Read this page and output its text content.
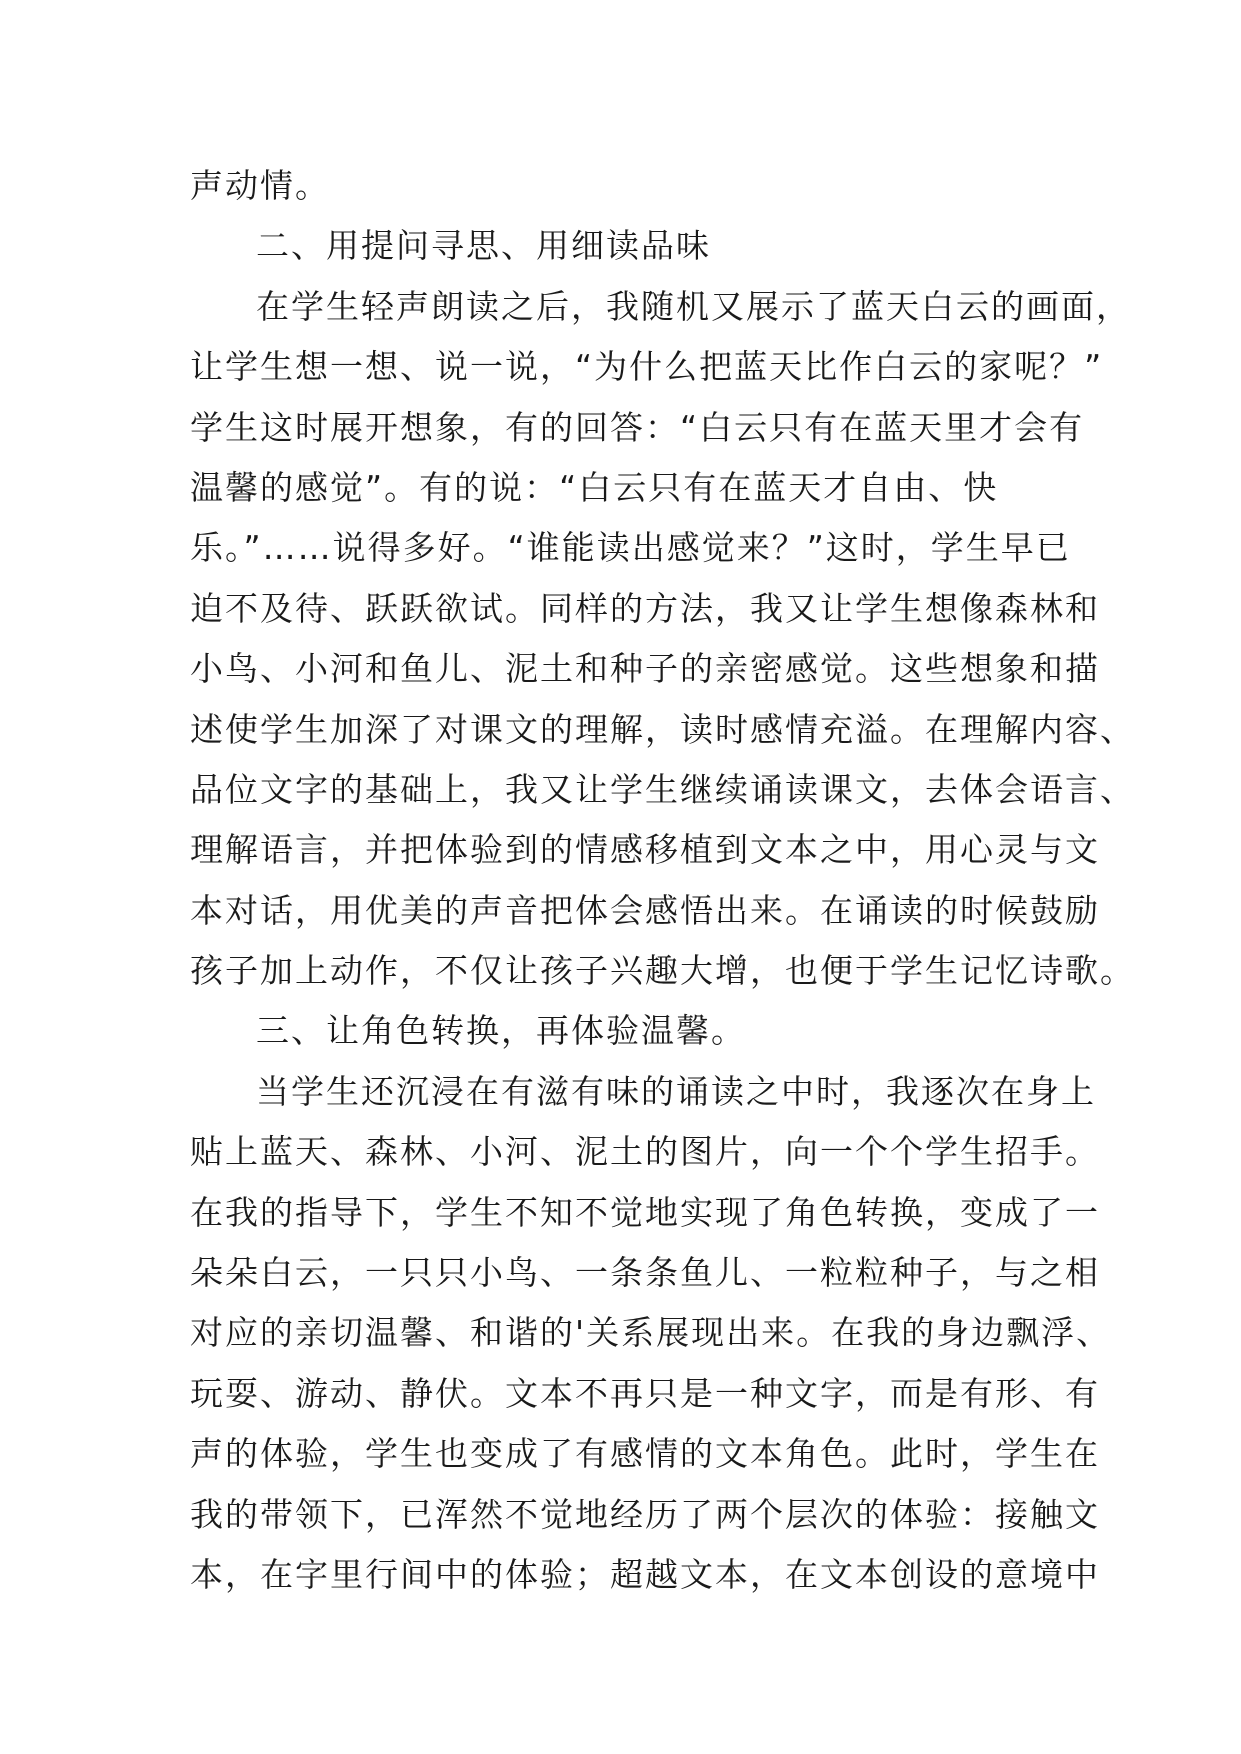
声动情。
二、用提问寻思、用细读品味
在学生轻声朗读之后，我随机又展示了蓝天白云的画面，
让学生想一想、说一说，“为什么把蓝天比作白云的家呢？”
学生这时展开想象，有的回答：“白云只有在蓝天里才会有
温馨的感觉”。有的说：“白云只有在蓝天才自由、快
乐。”……说得多好。“谁能读出感觉来？”这时，学生早已
迫不及待、跃跃欲试。同样的方法，我又让学生想像森林和
小鸟、小河和鱼儿、泥土和种子的亲密感觉。这些想象和描
述使学生加深了对课文的理解，读时感情充溢。在理解内容、
品位文字的基础上，我又让学生继续诵读课文，去体会语言、
理解语言，并把体验到的情感移植到文本之中，用心灵与文
本对话，用优美的声音把体会感悟出来。在诵读的时候鼓励
孩子加上动作，不仅让孩子兴趣大增，也便于学生记忆诗歌。
三、让角色转换，再体验温馨。
当学生还沉浸在有滋有味的诵读之中时，我逐次在身上
贴上蓝天、森林、小河、泥土的图片，向一个个学生招手。
在我的指导下，学生不知不觉地实现了角色转换，变成了一
朵朵白云，一只只小鸟、一条条鱼儿、一粒粒种子，与之相
对应的亲切温馨、和谐的'关系展现出来。在我的身边飘浮、
玩耍、游动、静伏。文本不再只是一种文字，而是有形、有
声的体验，学生也变成了有感情的文本角色。此时，学生在
我的带领下，已浑然不觉地经历了两个层次的体验：接触文
本，在字里行间中的体验；超越文本，在文本创设的意境中
